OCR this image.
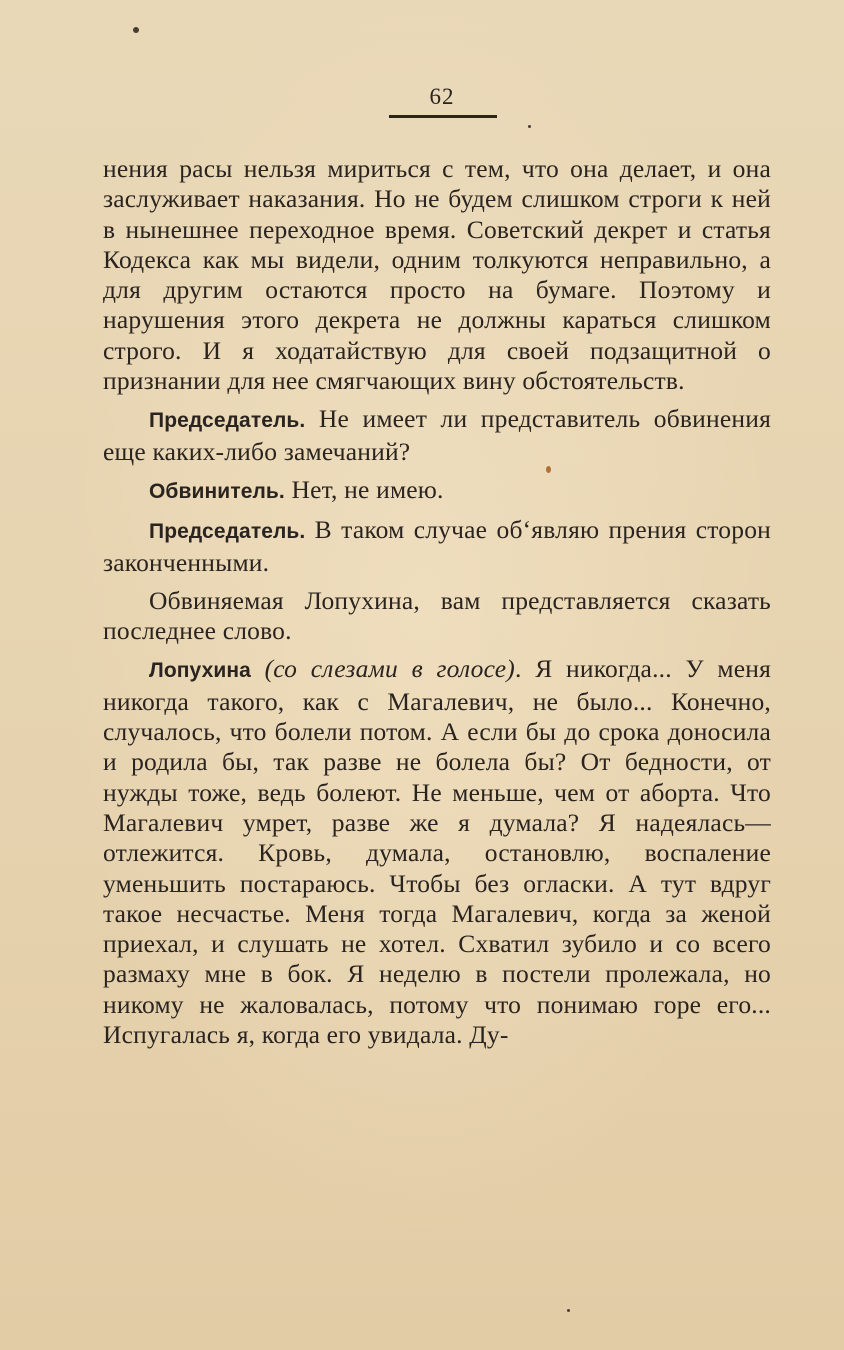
62

нения расы нельзя мириться с тем, что она делает, и она заслуживает наказания. Но не будем слишком строги к ней в нынешнее переходное время. Советский декрет и статья Кодекса как мы видели, одним толкуются неправильно, а для другим остаются просто на бумаге. Поэтому и нарушения этого декрета не должны караться слишком строго. И я ходатайствую для своей подзащитной о признании для нее смягчающих вину обстоятельств.

Председатель. Не имеет ли представитель обвинения еще каких-либо замечаний?

Обвинитель. Нет, не имею.

Председатель. В таком случае об‘являю прения сторон законченными.

Обвиняемая Лопухина, вам представляется сказать последнее слово.

Лопухина (со слезами в голосе). Я никогда... У меня никогда такого, как с Магалевич, не было... Конечно, случалось, что болели потом. А если бы до срока доносила и родила бы, так разве не болела бы? От бедности, от нужды тоже, ведь болеют. Не меньше, чем от аборта. Что Магалевич умрет, разве же я думала? Я надеялась—отлежится. Кровь, думала, остановлю, воспаление уменьшить постараюсь. Чтобы без огласки. А тут вдруг такое несчастье. Меня тогда Магалевич, когда за женой приехал, и слушать не хотел. Схватил зубило и со всего размаху мне в бок. Я неделю в постели пролежала, но никому не жаловалась, потому что понимаю горе его... Испугалась я, когда его увидала. Ду-
